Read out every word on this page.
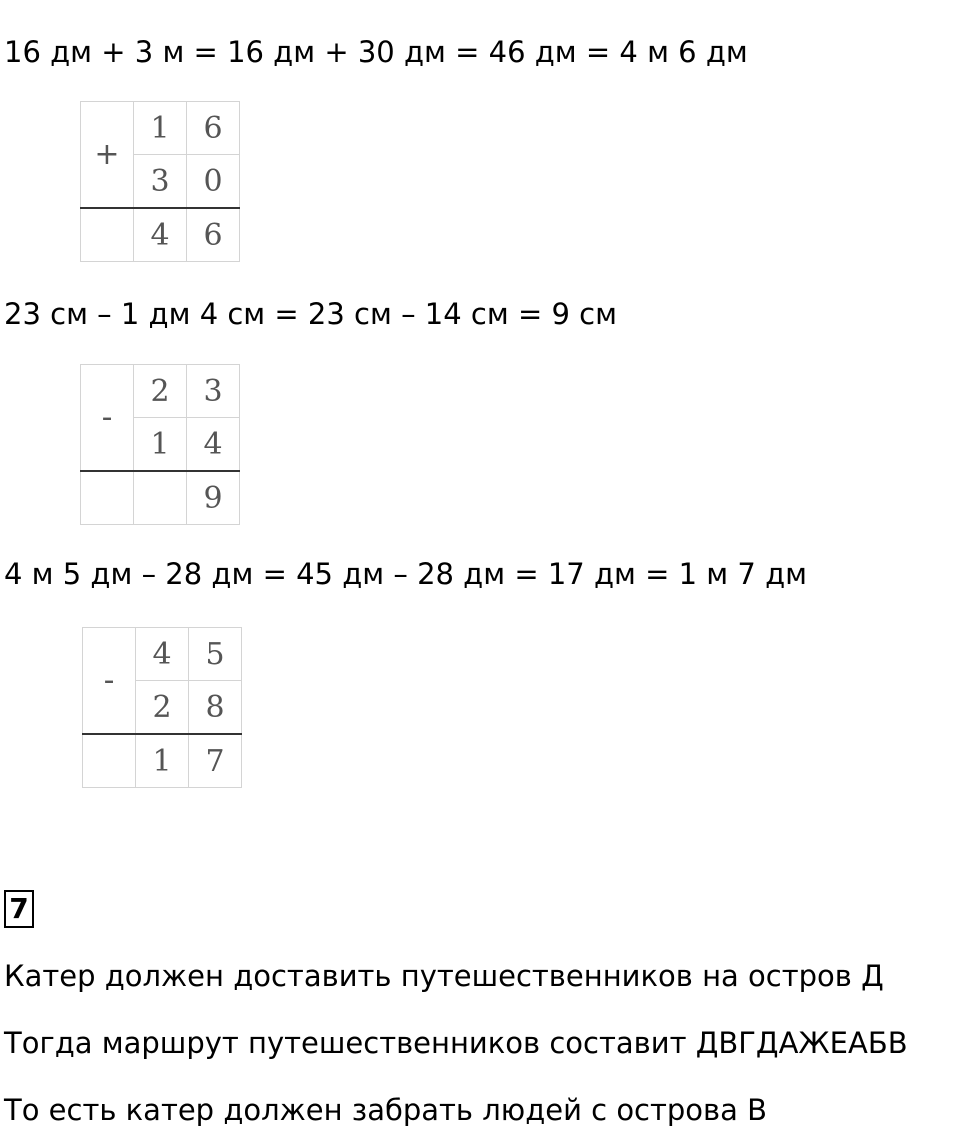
16 дм + 3 м = 16 дм + 30 дм = 46 дм = 4 м 6 дм
+	1	6
	3	0
	4	6
23 см – 1 дм 4 см = 23 см – 14 см = 9 см
-	2	3
	1	4
		9
4 м 5 дм – 28 дм = 45 дм – 28 дм = 17 дм = 1 м 7 дм
-	4	5
	2	8
	1	7
7
Катер должен доставить путешественников на остров Д
Тогда маршрут путешественников составит ДВГДАЖЕАБВ
То есть катер должен забрать людей с острова В
